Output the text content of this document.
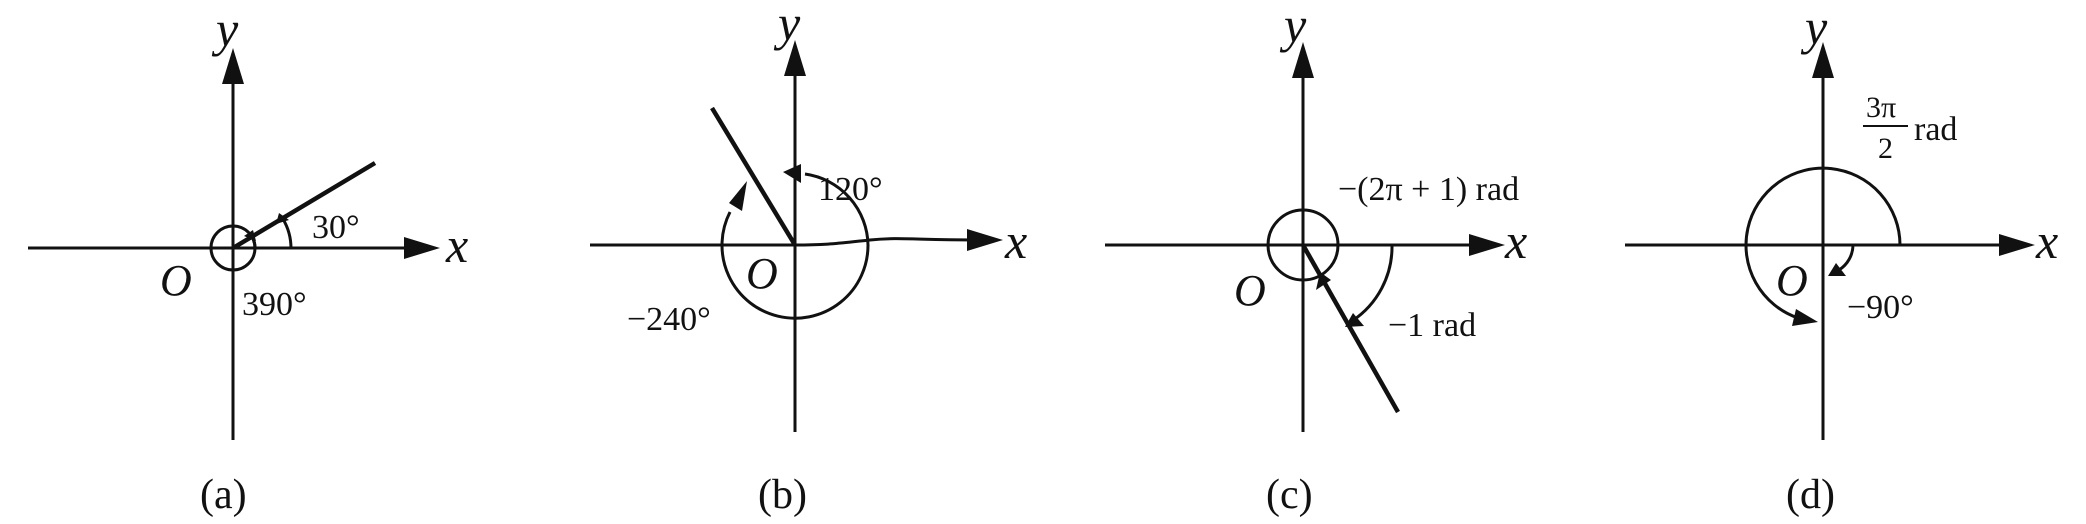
x
y
O
30°
390°
(a)
x
y
O
120°
−240°
(b)
x
y
O
−(2π + 1) rad
−1 rad
(c)
x
y
O
3π
2
rad
−90°
(d)
